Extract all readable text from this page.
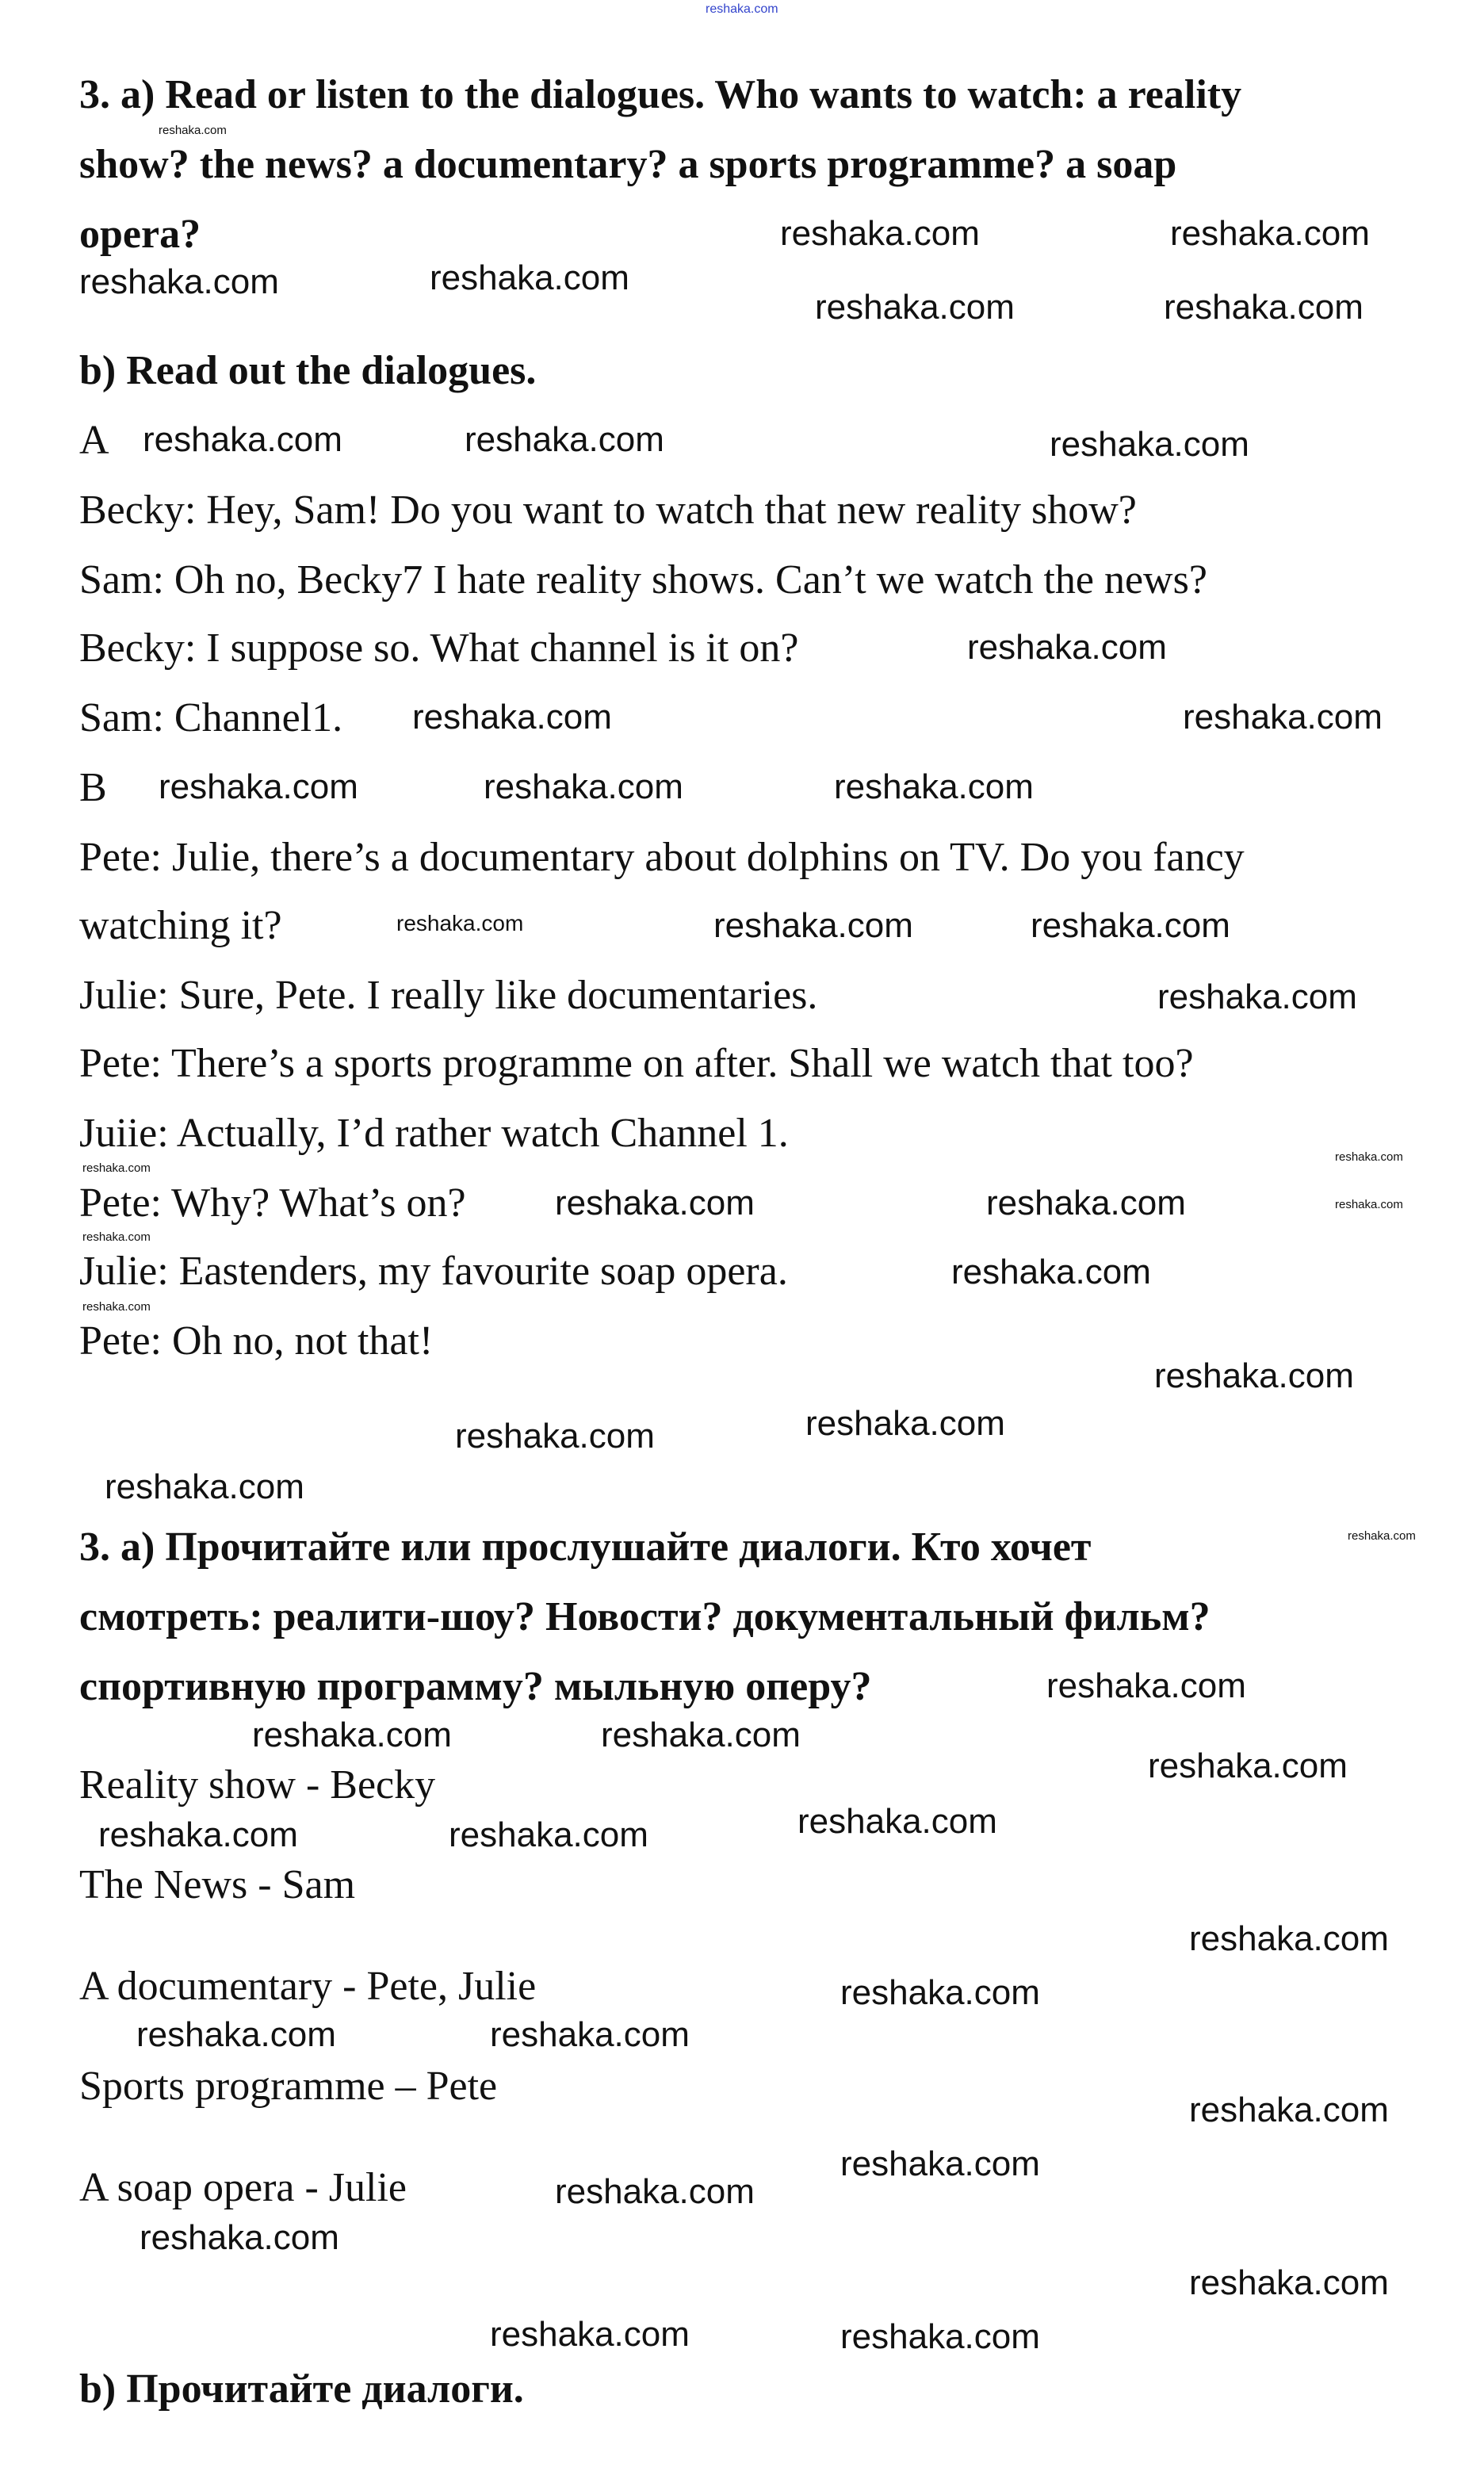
reshaka.com
3. a) Read or listen to the dialogues. Who wants to watch: a reality
show? the news? a documentary? a sports programme? a soap
opera?
b) Read out the dialogues.
A
Becky: Hey, Sam! Do you want to watch that new reality show?
Sam: Oh no, Becky7 I hate reality shows. Can’t we watch the news?
Becky: I suppose so. What channel is it on?
Sam: Channel1.
B
Pete: Julie, there’s a documentary about dolphins on TV. Do you fancy
watching it?
Julie: Sure, Pete. I really like documentaries.
Pete: There’s a sports programme on after. Shall we watch that too?
Juiie: Actually, I’d rather watch Channel 1.
Pete: Why? What’s on?
Julie: Eastenders, my favourite soap opera.
Pete: Oh no, not that!
3. а) Прочитайте или прослушайте диалоги. Кто хочет
смотреть: реалити-шоу? Новости? документальный фильм?
спортивную программу? мыльную оперу?
Reality show - Becky
The News - Sam
A documentary - Pete, Julie
Sports programme – Pete
A soap opera - Julie
b) Прочитайте диалоги.
reshaka.com
reshaka.com	reshaka.com
reshaka.com	reshaka.com
reshaka.com	reshaka.com
reshaka.com	reshaka.com	reshaka.com
reshaka.com
reshaka.com	reshaka.com
reshaka.com	reshaka.com	reshaka.com
reshaka.com
reshaka.com	reshaka.com	reshaka.com
reshaka.com
reshaka.com
reshaka.com	reshaka.com
reshaka.com
reshaka.com
reshaka.com
reshaka.com
reshaka.com
reshaka.com	reshaka.com
reshaka.com
reshaka.com
reshaka.com
reshaka.com	reshaka.com
reshaka.com
reshaka.com	reshaka.com	reshaka.com
reshaka.com
reshaka.com
reshaka.com	reshaka.com
reshaka.com
reshaka.com
reshaka.com
reshaka.com
reshaka.com
reshaka.com
reshaka.com
